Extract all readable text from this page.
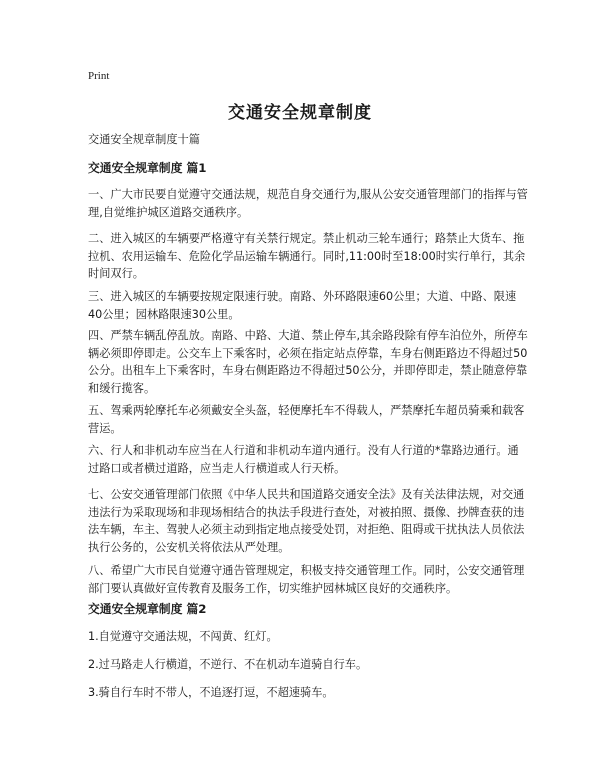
Print
交通安全规章制度
交通安全规章制度十篇
交通安全规章制度 篇1
一、广大市民要自觉遵守交通法规，规范自身交通行为,服从公安交通管理部门的指挥与管理,自觉维护城区道路交通秩序。
二、进入城区的车辆要严格遵守有关禁行规定。禁止机动三轮车通行；路禁止大货车、拖拉机、农用运输车、危险化学品运输车辆通行。同时,11:00时至18:00时实行单行，其余时间双行。
三、进入城区的车辆要按规定限速行驶。南路、外环路限速60公里；大道、中路、限速40公里；园林路限速30公里。
四、严禁车辆乱停乱放。南路、中路、大道、禁止停车,其余路段除有停车泊位外，所停车辆必须即停即走。公交车上下乘客时，必须在指定站点停靠，车身右侧距路边不得超过50公分。出租车上下乘客时，车身右侧距路边不得超过50公分，并即停即走，禁止随意停靠和缓行揽客。
五、驾乘两轮摩托车必须戴安全头盔，轻便摩托车不得载人，严禁摩托车超员骑乘和载客营运。
六、行人和非机动车应当在人行道和非机动车道内通行。没有人行道的*靠路边通行。通过路口或者横过道路，应当走人行横道或人行天桥。
七、公安交通管理部门依照《中华人民共和国道路交通安全法》及有关法律法规，对交通违法行为采取现场和非现场相结合的执法手段进行查处，对被拍照、摄像、抄牌查获的违法车辆，车主、驾驶人必须主动到指定地点接受处罚，对拒绝、阻碍或干扰执法人员依法执行公务的，公安机关将依法从严处理。
八、希望广大市民自觉遵守通告管理规定，积极支持交通管理工作。同时，公安交通管理部门要认真做好宣传教育及服务工作，切实维护园林城区良好的交通秩序。
交通安全规章制度 篇2
1.自觉遵守交通法规，不闯黄、红灯。
2.过马路走人行横道，不逆行、不在机动车道骑自行车。
3.骑自行车时不带人，不追逐打逗，不超速骑车。
